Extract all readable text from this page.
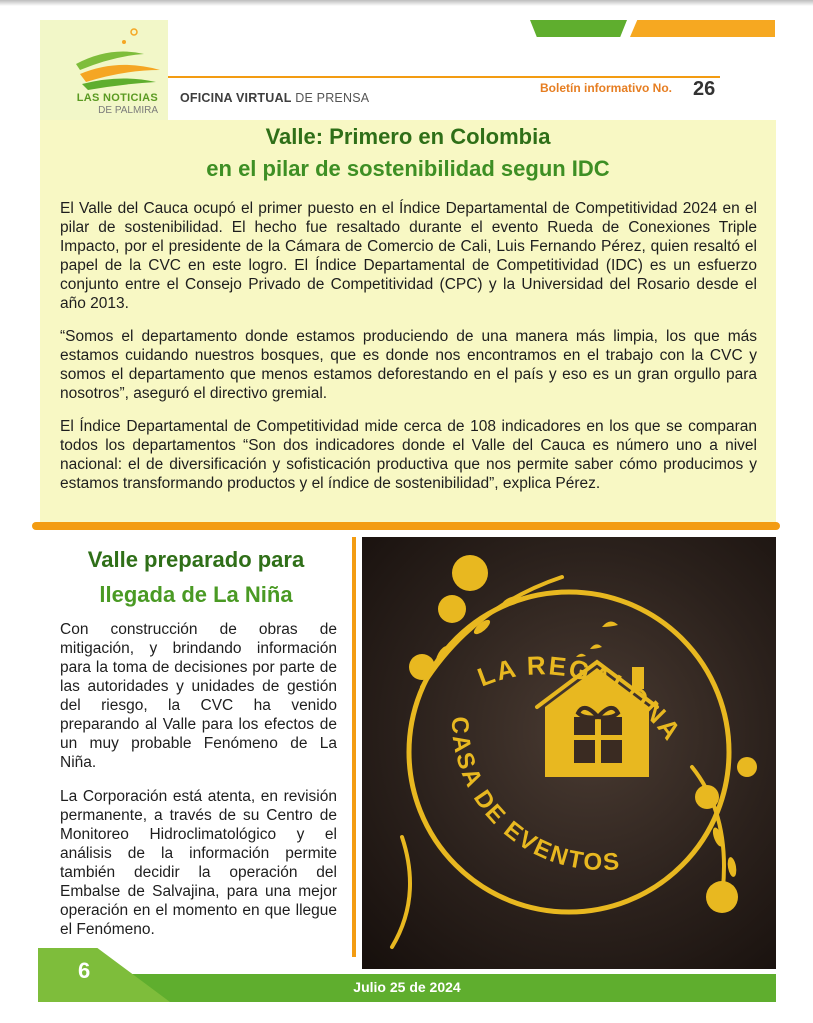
LAS NOTICIAS
DE PALMIRA
OFICINA VIRTUAL DE PRENSA
Boletín informativo No. 26
Valle: Primero en Colombia
en el pilar de sostenibilidad segun IDC

El Valle del Cauca ocupó el primer puesto en el Índice Departamental de Competitividad 2024 en el pilar de sostenibilidad. El hecho fue resaltado durante el evento Rueda de Conexiones Triple Impacto, por el presidente de la Cámara de Comercio de Cali, Luis Fernando Pérez, quien resaltó el papel de la CVC en este logro. El Índice Departamental de Competitividad (IDC) es un esfuerzo conjunto entre el Consejo Privado de Competitividad (CPC) y la Universidad del Rosario desde el año 2013.

“Somos el departamento donde estamos produciendo de una manera más limpia, los que más estamos cuidando nuestros bosques, que es donde nos encontramos en el trabajo con la CVC y somos el departamento que menos estamos deforestando en el país y eso es un gran orgullo para nosotros”, aseguró el directivo gremial.

El Índice Departamental de Competitividad mide cerca de 108 indicadores en los que se comparan todos los departamentos “Son dos indicadores donde el Valle del Cauca es número uno a nivel nacional: el de diversificación y sofisticación productiva que nos permite saber cómo producimos y estamos transformando productos y el índice de sostenibilidad”, explica Pérez.

Valle preparado para
llegada de La Niña

Con construcción de obras de mitigación, y brindando información para la toma de decisiones por parte de las autoridades y unidades de gestión del riesgo, la CVC ha venido preparando al Valle para los efectos de un muy probable Fenómeno de La Niña.

La Corporación está atenta, en revisión permanente, a través de su Centro de Monitoreo Hidroclimatológico y el análisis de la información permite también decidir la operación del Embalse de Salvajina, para una mejor operación en el momento en que llegue el Fenómeno.

LA REGALONA
CASA DE EVENTOS
Julio 25 de 2024
6
